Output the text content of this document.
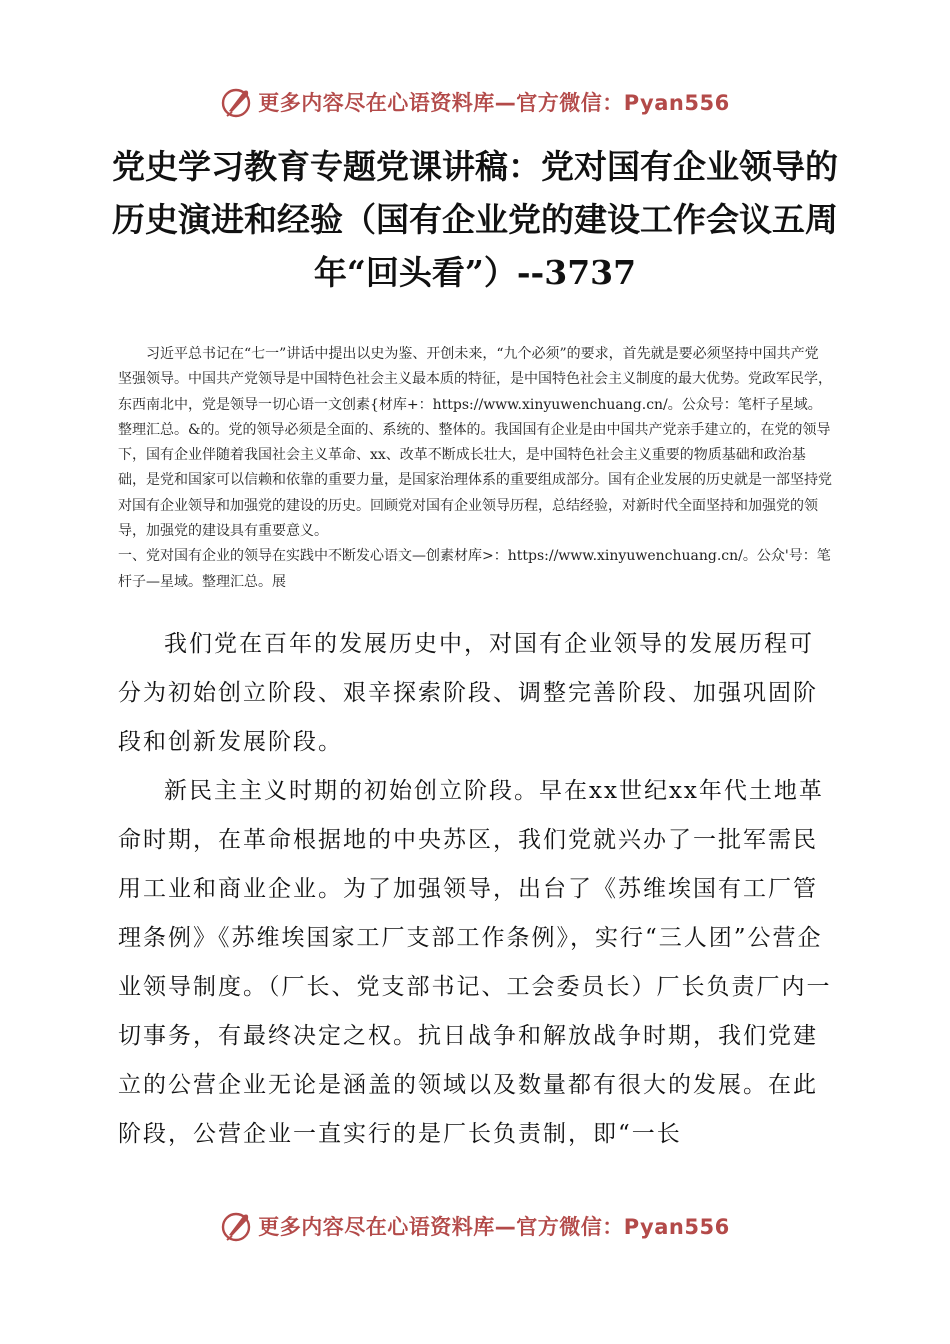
更多内容尽在心语资料库—官方微信：Pyan556
党史学习教育专题党课讲稿：党对国有企业领导的历史演进和经验（国有企业党的建设工作会议五周年“回头看”）--3737

习近平总书记在“七一”讲话中提出以史为鉴、开创未来，“九个必须”的要求，首先就是要必须坚持中国共产党坚强领导。中国共产党领导是中国特色社会主义最本质的特征，是中国特色社会主义制度的最大优势。党政军民学，东西南北中，党是领导一切心语一文创素{材库+：https://www.xinyuwenchuang.cn/。公众号：笔杆子星域。整理汇总。&的。党的领导必须是全面的、系统的、整体的。我国国有企业是由中国共产党亲手建立的，在党的领导下，国有企业伴随着我国社会主义革命、xx、改革不断成长壮大，是中国特色社会主义重要的物质基础和政治基础，是党和国家可以信赖和依靠的重要力量，是国家治理体系的重要组成部分。国有企业发展的历史就是一部坚持党对国有企业领导和加强党的建设的历史。回顾党对国有企业领导历程，总结经验，对新时代全面坚持和加强党的领导，加强党的建设具有重要意义。
一、党对国有企业的领导在实践中不断发心语文—创素材库>：https://www.xinyuwenchuang.cn/。公众'号：笔杆子—星域。整理汇总。展

我们党在百年的发展历史中，对国有企业领导的发展历程可分为初始创立阶段、艰辛探索阶段、调整完善阶段、加强巩固阶段和创新发展阶段。

新民主主义时期的初始创立阶段。早在xx世纪xx年代土地革命时期，在革命根据地的中央苏区，我们党就兴办了一批军需民用工业和商业企业。为了加强领导，出台了《苏维埃国有工厂管理条例》《苏维埃国家工厂支部工作条例》，实行“三人团”公营企业领导制度。（厂长、党支部书记、工会委员长）厂长负责厂内一切事务，有最终决定之权。抗日战争和解放战争时期，我们党建立的公营企业无论是涵盖的领域以及数量都有很大的发展。在此阶段，公营企业一直实行的是厂长负责制，即“一长

更多内容尽在心语资料库—官方微信：Pyan556
